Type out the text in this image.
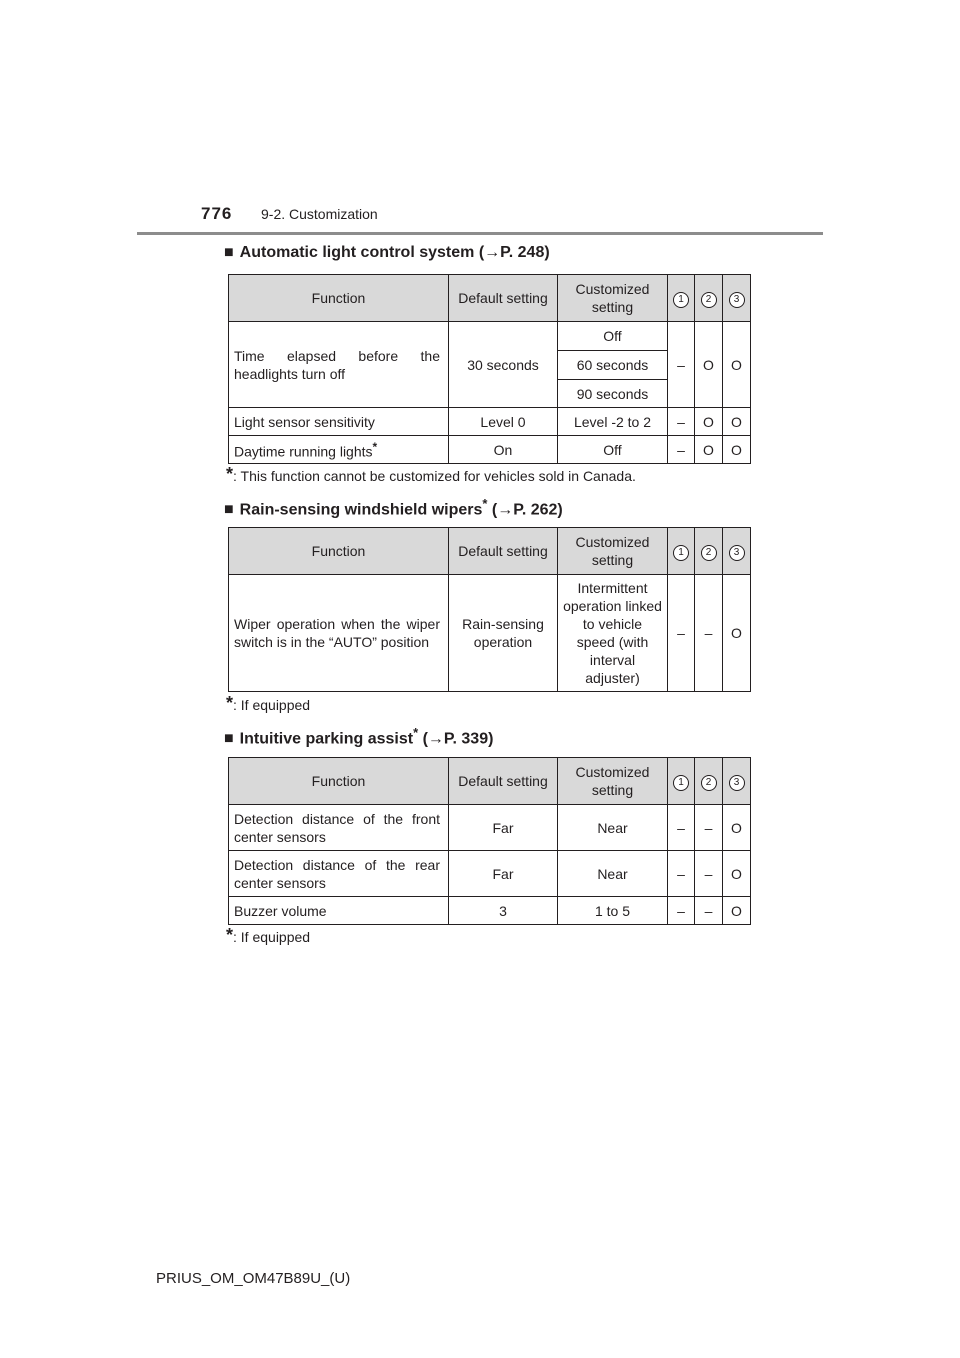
776	9-2. Customization
■ Automatic light control system (→P. 248)
Function	Default setting	Customized setting	1	2	3
Time elapsed before the headlights turn off	30 seconds	Off	–	O	O
		60 seconds			
		90 seconds			
Light sensor sensitivity	Level 0	Level -2 to 2	–	O	O
Daytime running lights*	On	Off	–	O	O
*: This function cannot be customized for vehicles sold in Canada.
■ Rain-sensing windshield wipers* (→P. 262)
Function	Default setting	Customized setting	1	2	3
Wiper operation when the wiper switch is in the “AUTO” position	Rain-sensing operation	Intermittent operation linked to vehicle speed (with interval adjuster)	–	–	O
*: If equipped
■ Intuitive parking assist* (→P. 339)
Function	Default setting	Customized setting	1	2	3
Detection distance of the front center sensors	Far	Near	–	–	O
Detection distance of the rear center sensors	Far	Near	–	–	O
Buzzer volume	3	1 to 5	–	–	O
*: If equipped
PRIUS_OM_OM47B89U_(U)
